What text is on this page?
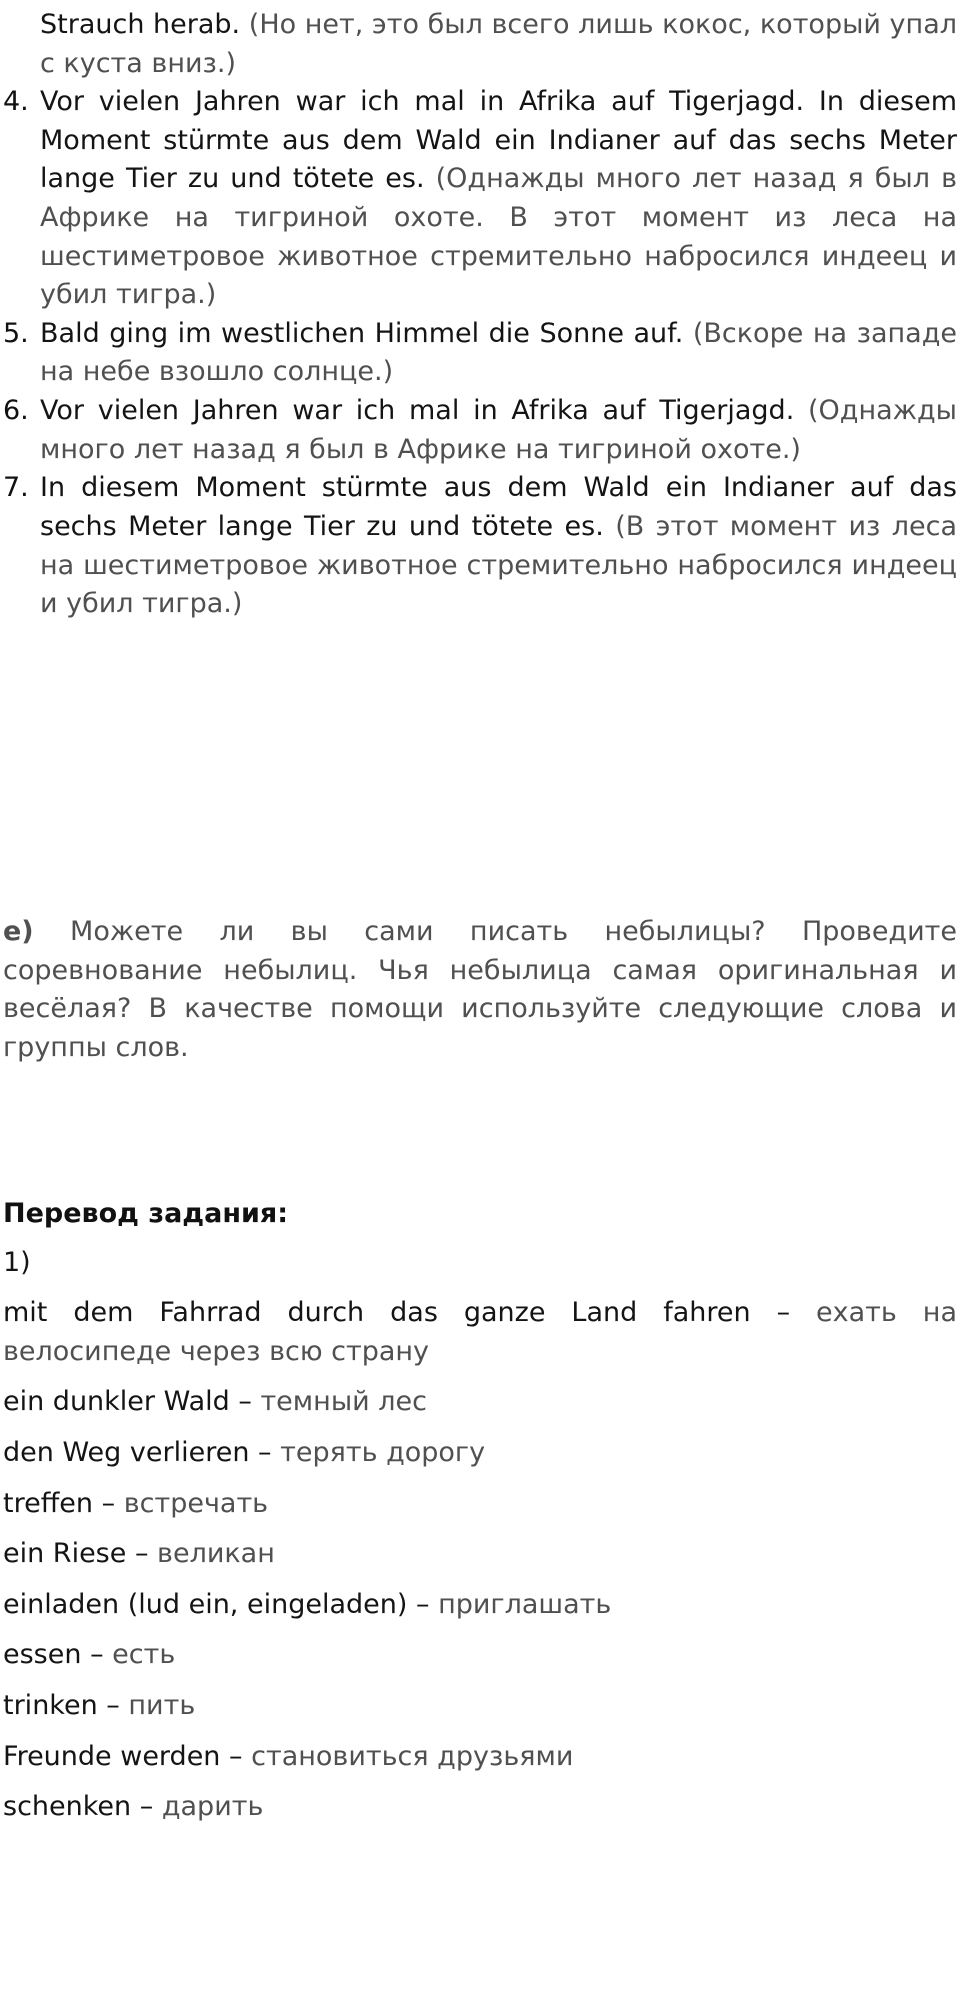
Strauch herab. (Но нет, это был всего лишь кокос, который упал с куста вниз.)
4. Vor vielen Jahren war ich mal in Afrika auf Tigerjagd. In diesem Moment stürmte aus dem Wald ein Indianer auf das sechs Meter lange Tier zu und tötete es. (Однажды много лет назад я был в Африке на тигриной охоте. В этот момент из леса на шестиметровое животное стремительно набросился индеец и убил тигра.)
5. Bald ging im westlichen Himmel die Sonne auf. (Вскоре на западе на небе взошло солнце.)
6. Vor vielen Jahren war ich mal in Afrika auf Tigerjagd. (Однажды много лет назад я был в Африке на тигриной охоте.)
7. In diesem Moment stürmte aus dem Wald ein Indianer auf das sechs Meter lange Tier zu und tötete es. (В этот момент из леса на шестиметровое животное стремительно набросился индеец и убил тигра.)
e) Можете ли вы сами писать небылицы? Проведите соревнование небылиц. Чья небылица самая оригинальная и весёлая? В качестве помощи используйте следующие слова и группы слов.
Перевод задания:
1)
mit dem Fahrrad durch das ganze Land fahren – ехать на велосипеде через всю страну
ein dunkler Wald – темный лес
den Weg verlieren – терять дорогу
treffen – встречать
ein Riese – великан
einladen (lud ein, eingeladen) – приглашать
essen – есть
trinken – пить
Freunde werden – становиться друзьями
schenken – дарить
